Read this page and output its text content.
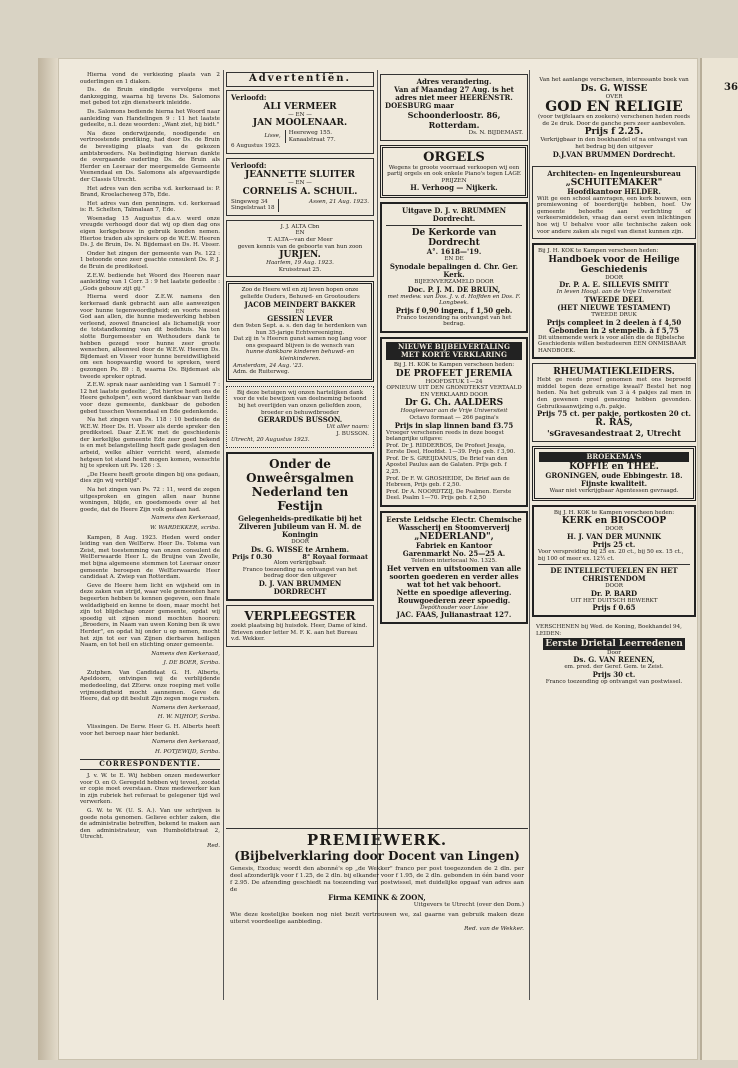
36

Hierna vond de verkiezing plaats van 2 ouderlingen en 1 diaken.

Ds. de Bruin eindigde vervolgens met dankzegging, waarna hij tevens Ds. Salomons met gebed tot zijn dienstwerk inleidde.

Ds. Salomons bediende hierna het Woord naar aanleiding van Handelingen 9 : 11 het laatste gedeelte, n.l. deze woorden: „Want ziet, hij bidt."

Na deze onderwijzende, noodigende en vertroostende prediking, had door Ds. de Bruin de bevestiging plaats van de gekozen ambtsbroeders. Na beëindiging hiervan dankte de overgaande ouderling Ds. de Bruin als Herder en Leeraar der meergemelde Gemeente Veenendaal en Ds. Salomons als afgevaardigde der Classis Utrecht.

Het adres van den scriba v.d. kerkeraad is: P. Brand, Kroelacheweg 57b, Ede.

Het adres van den penningm. v.d. kerkeraad is: R. Schelten, Talmalaan 7, Ede.

Woensdag 15 Augustus d.a.v. werd onze vreugde verhoogd door dat wij op dien dag ons eigen kerkgebouw in gebruik konden nemen. Hiertoe traden als sprekers op de W.E.W. Heeren Ds. J. de Bruin, Ds. N. Bijdemast en Ds. H. Visser.

Onder het zingen der gemeente van Ps. 122 : 1 betoonde onze zeer geachte consulent Ds. P. J. de Bruin de predikstoel.

Z.E.W. bediende het Woord des Heeren naar aanleiding van 1 Corr. 3 : 9 het laatste gedeelte : „Gods gebouw zijt gij."

Hierna werd door Z.E.W. namens den kerkeraad dank gebracht aan alle aanwezigen voor hunne tegenwoordigheid; en voorts meest God aan allen, die hunne medewerking hebben verleend, zoowel financieel als lichamelijk voor de totstandkoming van dit bedehuis. Na ten slotte Burgemeester en Wethouders dank te hebben gezegd voor hunne zeer groote wenschen, alleenwel door de W.E.W. Heeren Ds. Bijdemast en Visser voor hunne bereidwilligheid om een hoopvaardig woord te spreken, werd gezongen Ps. 89 : 8, waarna Ds. Bijdemast als tweede spreker optrad.

Z.E.W. sprak naar aanleiding van 1 Samuël 7 : 12 het laatste gedeelte: „Tot hiertoe heeft ons de Heere geholpen", een woord dankbaar van liefde voor deze gemeente, dankbaar de geboden gebed tusschen Veenendaal en Ede gedenkende.

Na het zingen van Ps. 118 : 10 bediende de W.E.W. Heer Ds. H. Visser als derde spreker den predikstoel. Daar Z.E.W. met de geschiedenis der kerkelijke gemeente Ede zeer goed bekend is en met belangstelling heeft gade geslagen den arbeid, welke alhier verricht werd, alsmede hetgeen tot stand heeft mogen komen, wenschte hij te spreken uit Ps. 126 : 3.

„De Heere heeft groote dingen bij ons gedaan, dies zijn wij verblijd".

Na het zingen van Ps. 72 : 11, werd de zegen uitgesproken en gingen allen naar hunne woningen, blijde, en goedsmoeds over al het goede, dat de Heere Zijn volk gedaan had.

Namens den Kerkeraad,
W. WARDEKKER, scriba.

Kampen, 8 Aug. 1923. Heden werd onder leiding van den WelEerw. Heer Ds. Tolsma van Zeist, met toestemming van onzen consulent de WelEerwaarde Heer L. de Bruijne van Zwolle, met bijna algemeene stemmen tot Leeraar onzer gemeente beroepen de WelEerwaarde Heer candidaat A. Zwiep van Rotterdam.

Geve de Heere hem licht en wijsheid om in deze zaken van strijd, waar vele gemeenten hare begeerten hebben te kennen gegeven, een finale weldadigheid en kenne te doen, maar mocht het zijn tot blijdschap onzer gemeente, opdat wij spoedig uit zijnen mond mochten hooren: „Broeders, in Naam van uwen Koning ben ik uwe Herder", en opdat hij onder u op nemen, mocht het zijn tot eer van Zijnen dierbaren heiligen Naam, en tot heil en stichting onzer gemeente.

Namens den Kerkeraad,
J. DE BOER, Scriba.

Zutphen. Van Candidaat G. H. Alberts, Apeldoorn, ontvingen wij de verblijdende mededeeling, dat ZEerw. onze roeping met volle vrijmoedigheid mocht aannemen. Geve de Heere, dat op dit besluit Zijn zegen moge rusten.

Namens den kerkeraad,
H. W. NIJHOF, Scriba.

Vlissingen. De Eerw. Heer G. H. Alberts heeft voor het beroep naar hier bedankt.

Namens den kerkeraad,
H. POTJEWIJD, Scriba.
CORRESPONDENTIE.

J. v. W. te E. Wij hebben onzen medewerker voor O. en O. Geregeld hebben wij tevoel, zoodat er copie moet overstaan. Onze medewerker kan in zijn rubriek het referaat te gelegener tijd wel verwerken.

G. W. te W. (U. S. A.). Van uw schrijven is goede nota genomen. Gelieve echter zaken, die de administratie betreffen, bekend te maken aan den administrateur, van Humboldtstraat 2, Utrecht.

Red.
Advertentiën.
Verloofd:
ALI VERMEER
— EN —
JAN MOOLENAAR.
Lisse,
Heereweg 155.
Kanaalstraat 77.
6 Augustus 1923.
Verloofd:
JEANNETTE SLUITER
— EN —
CORNELIS A. SCHUIL.
Singeweg 34
Singelstraat 18
Assen, 21 Aug. 1923.
J. J. ALTA Cbn
EN
T. ALTA—van der Meer
geven kennis van de geboorte van hun zoon
JURJEN.
Haarlem, 19 Aug. 1923.
Kruisstraat 25.
Zoo de Heere wil en zij leven hopen onze geliefde Ouders, Behuwd- en Grootouders
JACOB MEINDERT BAKKER
EN
GESSIEN LEVER
den 9sten Sept. a. s. den dag te herdenken van hun 35-jarige Echtvereeniging.
Dat zij in 's Heeren gunst samen nog lang voor ons gespaard blijven is de wensch van
hunne dankbare kinderen behuwd- en kleinkinderen.
Amsterdam, 24 Aug. '23.
Adm. de Ruiterweg.
Bij deze betuigen wij onzen hartelijken dank voor de vele bewijzen van deelneming betoond bij het overlijden van onzen geliefden zoon, broeder en behuwdbroeder
GERARDUS BUSSON.
Uit aller naam:
J. BUSSON.
Utrecht, 20 Augustus 1923.
Onder de Onweêrsgalmen Nederland ten Festijn
Gelegenheids-predikatie bij het Zilveren Jubileum van H. M. de Koningin
DOOR
Ds. G. WISSE te Arnhem.
Prijs f 0.30	8° Royaal formaat
Alom verkrijgbaar.
Franco toezending na ontvangst van het bedrag door den uitgever
D. J. VAN BRUMMEN DORDRECHT
VERPLEEGSTER
zoekt plaatsing bij huisdok. Heer, Dame of kind. Brieven onder letter M. F. K. aan het Bureau v.d. Wekker.
Adres verandering.
Van af Maandag 27 Aug. is het
adres niet meer HEERENSTR.
DOESBURG maar
Schoonderloostr. 86, Rotterdam.
Ds. N. BIJDEMAST.
ORGELS
Wegens te groote voorraad verkoopen wij een partij orgels en ook enkele Piano's tegen LAGE PRIJZEN
H. Verhoog — Nijkerk.
Uitgave D. J. v. BRUMMEN Dordrecht.
De Kerkorde van Dordrecht
A°. 1618—'19.
EN DE
Synodale bepalingen d. Chr. Ger. Kerk.
BIJEENVERZAMELD DOOR
Doc. P. J. M. DE BRUIN,
met medew. van Dos. J. v. d. Hoffden en Dos. F. Longbeek.
Prijs f 0,90 ingen., f 1,50 geb.
Franco toezending na ontvangst van het bedrag.
NIEUWE BIJBELVERTALING MET KORTE VERKLARING
Bij J. H. KOK te Kampen verscheen heden:
DE PROFEET JEREMIA
HOOFDSTUK 1—24
OPNIEUW UIT DEN GRONDTEKST VERTAALD EN VERKLAARD DOOR
Dr G. Ch. AALDERS
Hoogleeraar aan de Vrije Universiteit
Octavo formaat — 266 pagina's
Prijs in slap linnen band f3.75
Vroeger verschenen reeds in deze boogst belangrijke uitgave:
Prof. Dr J. RIDDERBOS, De Profeet Jesaja, Eerste Deel, Hoofdst. 1—39. Prijs geb. f 3,90.
Prof. Dr S. GREIJDANUS, De Brief van den Apostel Paulus aan de Galaten. Prijs geb. f 2,25.
Prof. Dr F. W. GROSHEIDE, De Brief aan de Hebreen, Prijs geb. f 2,50.
Prof. Dr A. NOORDTZIJ, De Psalmen. Eerste Deel. Psalm 1—70. Prijs geb. f 2,50
Eerste Leidsche Electr. Chemische Wasscherij en Stoomververij
„NEDERLAND",
Fabriek en Kantoor
Garenmarkt No. 25—25 A.
Telefoon interlocaal No. 1325.
Het verven en uitstoomen van alle soorten goederen en verder alles wat tot het vak behoort.
Nette en spoedige aflevering. Rouwgoederen zeer spoedig.
Depôthouder voor Lisse
JAC. FAAS, Julianastraat 127.
Van het aanlange verschenen, interessante boek van
Ds. G. WISSE
OVER
GOD EN RELIGIE
(voor twijfelaars en zoekers) verschenen heden reeds de 2e druk. Door de ganche pers zeer aanbevolen.
Prijs f 2.25.
Verkrijgbaar in den boekhandel of na ontvangst van het bedrag bij den uitgever
D.J.VAN BRUMMEN Dordrecht.
Architecten- en Ingenieursbureau
„SCHUITEMAKER"
Hoofdkantoor HELDER.
Wilt ge een school aanvragen, een kerk bouwen, een premiewoning of boerderijtje hebben, hoef. Uw gemeente behoefte aan verlichting of verkeersmiddelen, vraag dan eerst even inlichtingen hoe wij U behalve voor alle technische zaken ook voor andere zaken als regel van dienst kunnen zijn.
Bij J. H. KOK te Kampen verscheen heden:
Handboek voor de Heilige Geschiedenis
DOOR
Dr. P. A. E. SILLEVIS SMITT
In leven Hoogl. aan de Vrije Universiteit
TWEEDE DEEL
(HET NIEUWE TESTAMENT)
TWEEDE DRUK
Prijs compleet in 2 deelen à f 4,50 Gebonden in 2 stempelb. à f 5,75
Dit uitnemende werk is voor allen die de Bijbelsche Geschiedenis willen bestudeeren EEN ONMISBAAR HANDBOEK.
RHEUMATIEKLEIDERS.
Hebt ge reeds proef genomen met ons beproefd middel tegen deze ernstige kwaal? Bestel het nog heden. Na het gebruik van 3 à 4 pakjes zal men in den gewenen regel genezing hebben gevonden. Gebruiksaanwijzing o./h. pakje.
Prijs 75 ct. per pakje, portkosten 20 ct.
R. RAS,
'sGravesandestraat 2, Utrecht
BROEKEMA'S
KOFFIE en THEE.
GRONINGEN, oude Ebbingestr. 18.
Fijnste kwaliteit.
Waar niet verkrijgbaar Agentessen gevraagd.
Bij J. H. KOK te Kampen verscheen heden:
KERK en BIOSCOOP
DOOR
H. J. VAN DER MUNNIK
Prijs 25 ct.
Voor verspreiding bij 25 ex. 20 ct., bij 50 ex. 15 ct., bij 100 of meer ex. 12½ ct.
DE INTELLECTUEELEN EN HET CHRISTENDOM
DOOR
Dr. P. BARD
UIT HET DUITSCH BEWERKT
Prijs f 0.65
VERSCHENEN bij Wed. de Koning, Boekhandel 94, LEIDEN:
Eerste Drietal Leerredenen
Door
Ds. G. VAN REENEN,
em. pred. der Geref. Gem. te Zeist.
Prijs 30 ct.
Franco toezending op ontvangst van postwissel.
PREMIEWERK.
(Bijbelverklaring door Docent van Lingen)
Genesis, Exodus; wordt den abonné's op „de Wekker" franco per post toegezonden de 2 dln. per deel afzonderlijk voor f 1.25, de 2 dln. bij elkander voor f 1.95, de 2 dln. gebonden in één band voor f 2.95. De afzending geschiedt na toezending van postwissel, met duidelijke opgaaf van adres aan de
Firma KEMINK & ZOON,
Uitgevers te Utrecht (over den Dom.)
Wie deze kostelijke boeken nog niet bezit vertrouwen we, zal gaarne van gebruik maken deze uiterst voordeelige aanbieding.
Red. van de Wekker.
